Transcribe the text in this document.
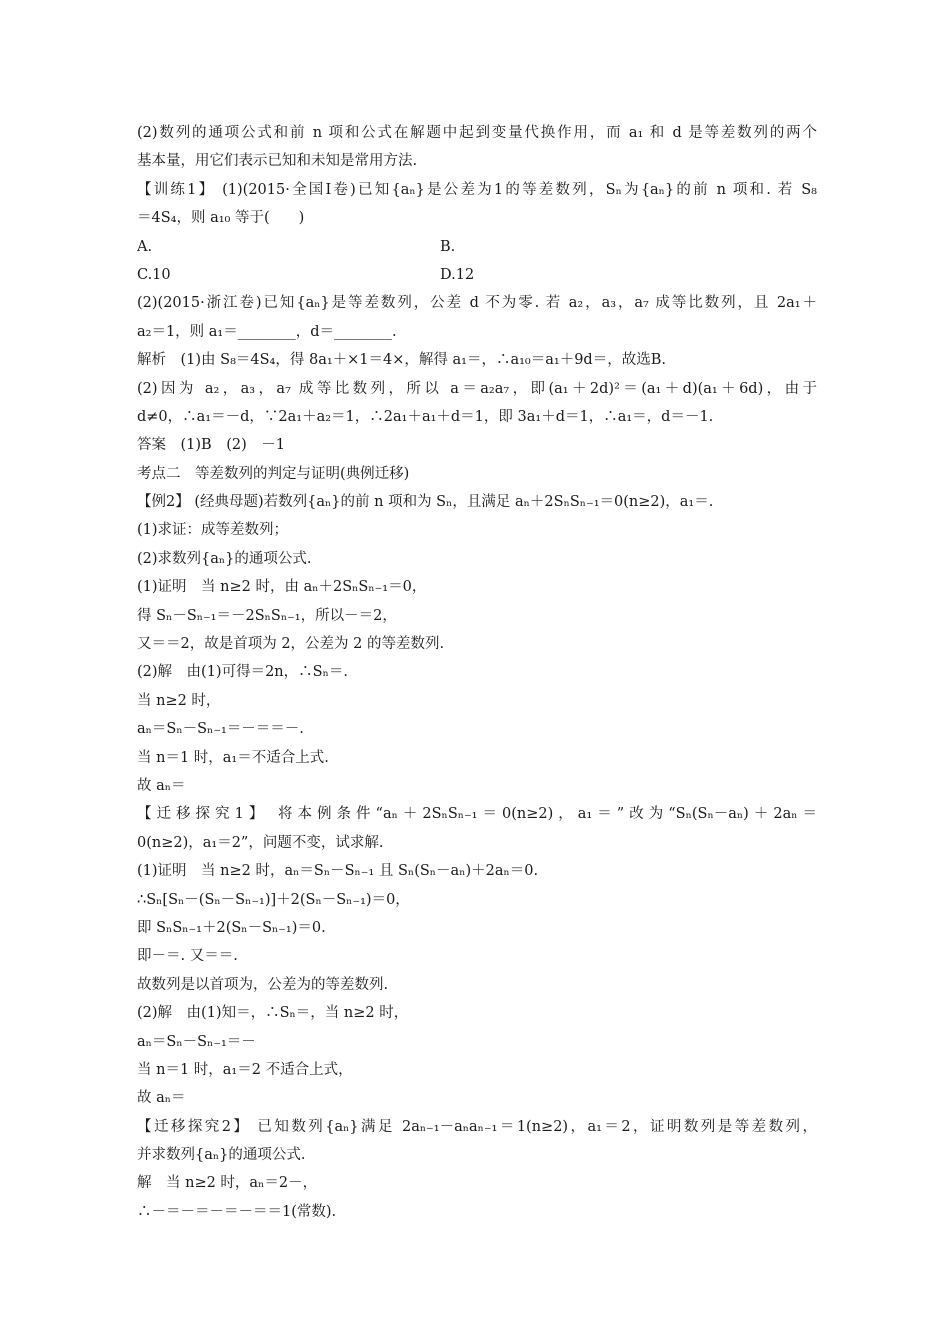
(2)数列的通项公式和前 n 项和公式在解题中起到变量代换作用，而 a₁ 和 d 是等差数列的两个
基本量，用它们表示已知和未知是常用方法.
【训练1】 (1)(2015·全国Ⅰ卷)已知{aₙ}是公差为1的等差数列，Sₙ为{aₙ}的前 n 项和. 若 S₈
＝4S₄，则 a₁₀ 等于(　　)
A.	B.
C.10	D.12
(2)(2015·浙江卷)已知{aₙ}是等差数列，公差 d 不为零. 若 a₂，a₃，a₇ 成等比数列，且 2a₁＋
a₂＝1，则 a₁＝________，d＝________.
解析　(1)由 S₈＝4S₄，得 8a₁＋×1＝4×，解得 a₁＝，∴a₁₀＝a₁＋9d＝，故选B.
(2)因为 a₂，a₃，a₇ 成等比数列，所以 a＝a₂a₇，即(a₁＋2d)²＝(a₁＋d)(a₁＋6d)，由于
d≠0，∴a₁＝－d，∵2a₁＋a₂＝1，∴2a₁＋a₁＋d＝1，即 3a₁＋d＝1，∴a₁＝，d＝－1.
答案　(1)B　(2)　－1
考点二　等差数列的判定与证明(典例迁移)
【例2】 (经典母题)若数列{aₙ}的前 n 项和为 Sₙ，且满足 aₙ＋2SₙSₙ₋₁＝0(n≥2)，a₁＝.
(1)求证：成等差数列；
(2)求数列{aₙ}的通项公式.
(1)证明　当 n≥2 时，由 aₙ＋2SₙSₙ₋₁＝0，
得 Sₙ－Sₙ₋₁＝－2SₙSₙ₋₁，所以－＝2，
又＝＝2，故是首项为 2，公差为 2 的等差数列.
(2)解　由(1)可得＝2n，∴Sₙ＝.
当 n≥2 时，
aₙ＝Sₙ－Sₙ₋₁＝－＝＝－.
当 n＝1 时，a₁＝不适合上式.
故 aₙ＝
【迁移探究1】 将本例条件“aₙ＋2SₙSₙ₋₁＝0(n≥2)，a₁＝”改为“Sₙ(Sₙ－aₙ)＋2aₙ＝
0(n≥2)，a₁＝2”，问题不变，试求解.
(1)证明　当 n≥2 时，aₙ＝Sₙ－Sₙ₋₁ 且 Sₙ(Sₙ－aₙ)＋2aₙ＝0.
∴Sₙ[Sₙ－(Sₙ－Sₙ₋₁)]＋2(Sₙ－Sₙ₋₁)＝0，
即 SₙSₙ₋₁＋2(Sₙ－Sₙ₋₁)＝0.
即－＝. 又＝＝.
故数列是以首项为，公差为的等差数列.
(2)解　由(1)知＝，∴Sₙ＝，当 n≥2 时，
aₙ＝Sₙ－Sₙ₋₁＝－
当 n＝1 时，a₁＝2 不适合上式，
故 aₙ＝
【迁移探究2】 已知数列{aₙ}满足 2aₙ₋₁－aₙaₙ₋₁＝1(n≥2)，a₁＝2，证明数列是等差数列，
并求数列{aₙ}的通项公式.
解　当 n≥2 时，aₙ＝2－，
∴－＝－＝－＝－＝＝1(常数).
